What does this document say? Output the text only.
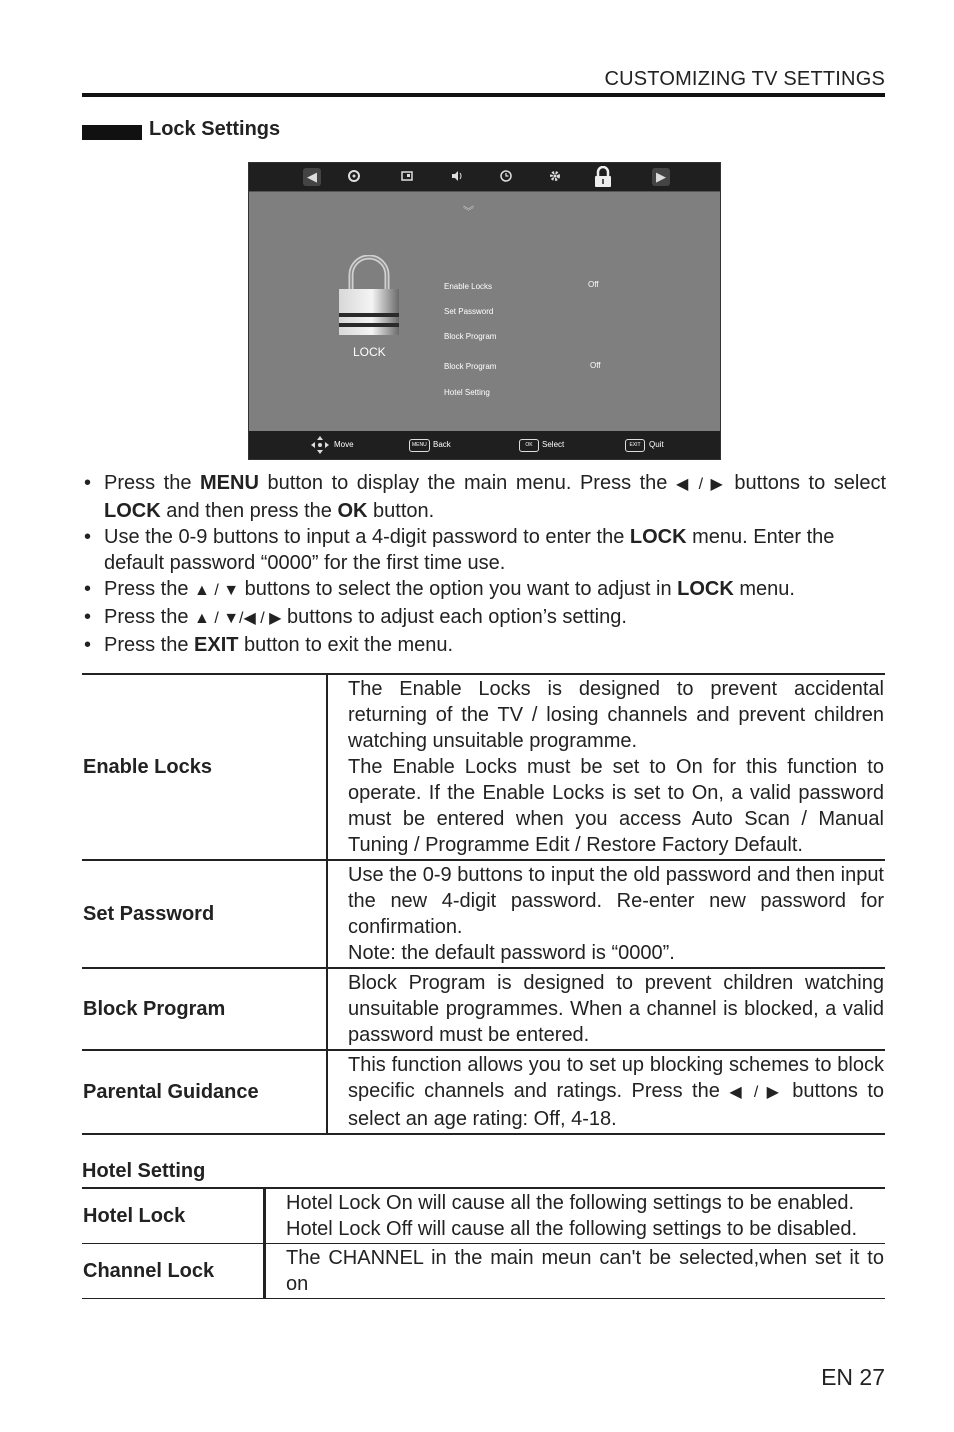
CUSTOMIZING TV SETTINGS
Lock Settings
◀	▶
︾
LOCK
Enable Locks	Off
Set Password
Block Program
Block Program	Off
Hotel Setting
Move	MENU Back	OK	Select	EXIT	Quit
• Press the MENU button to display the main menu. Press the ◀ / ▶ buttons to select LOCK and then press the OK button.
• Use the 0-9 buttons to input a 4-digit password to enter the LOCK menu. Enter the default password “0000” for the first time use.
• Press the ▲ / ▼ buttons to select the option you want to adjust in LOCK menu.
• Press the ▲ / ▼/◀ / ▶ buttons to adjust each option’s setting.
• Press the EXIT button to exit the menu.
Enable Locks	The Enable Locks is designed to prevent accidental returning of the TV / losing channels and prevent children watching unsuitable programme.
The Enable Locks must be set to On for this function to operate. If the Enable Locks is set to On, a valid password must be entered when you access Auto Scan / Manual Tuning / Programme Edit / Restore Factory Default.

Set Password	Use the 0-9 buttons to input the old password and then input the new 4-digit password. Re-enter new password for confirmation.
Note: the default password is “0000”.

Block Program	Block Program is designed to prevent children watching unsuitable programmes. When a channel is blocked, a valid password must be entered.

Parental Guidance	This function allows you to set up blocking schemes to block specific channels and ratings. Press the ◀ / ▶ buttons to select an age rating: Off, 4-18.
Hotel Setting
Hotel Lock	Hotel Lock On will cause all the following settings to be enabled.
Hotel Lock Off will cause all the following settings to be disabled.

Channel Lock	The CHANNEL in the main meun can't be selected,when set it to on
EN 27
